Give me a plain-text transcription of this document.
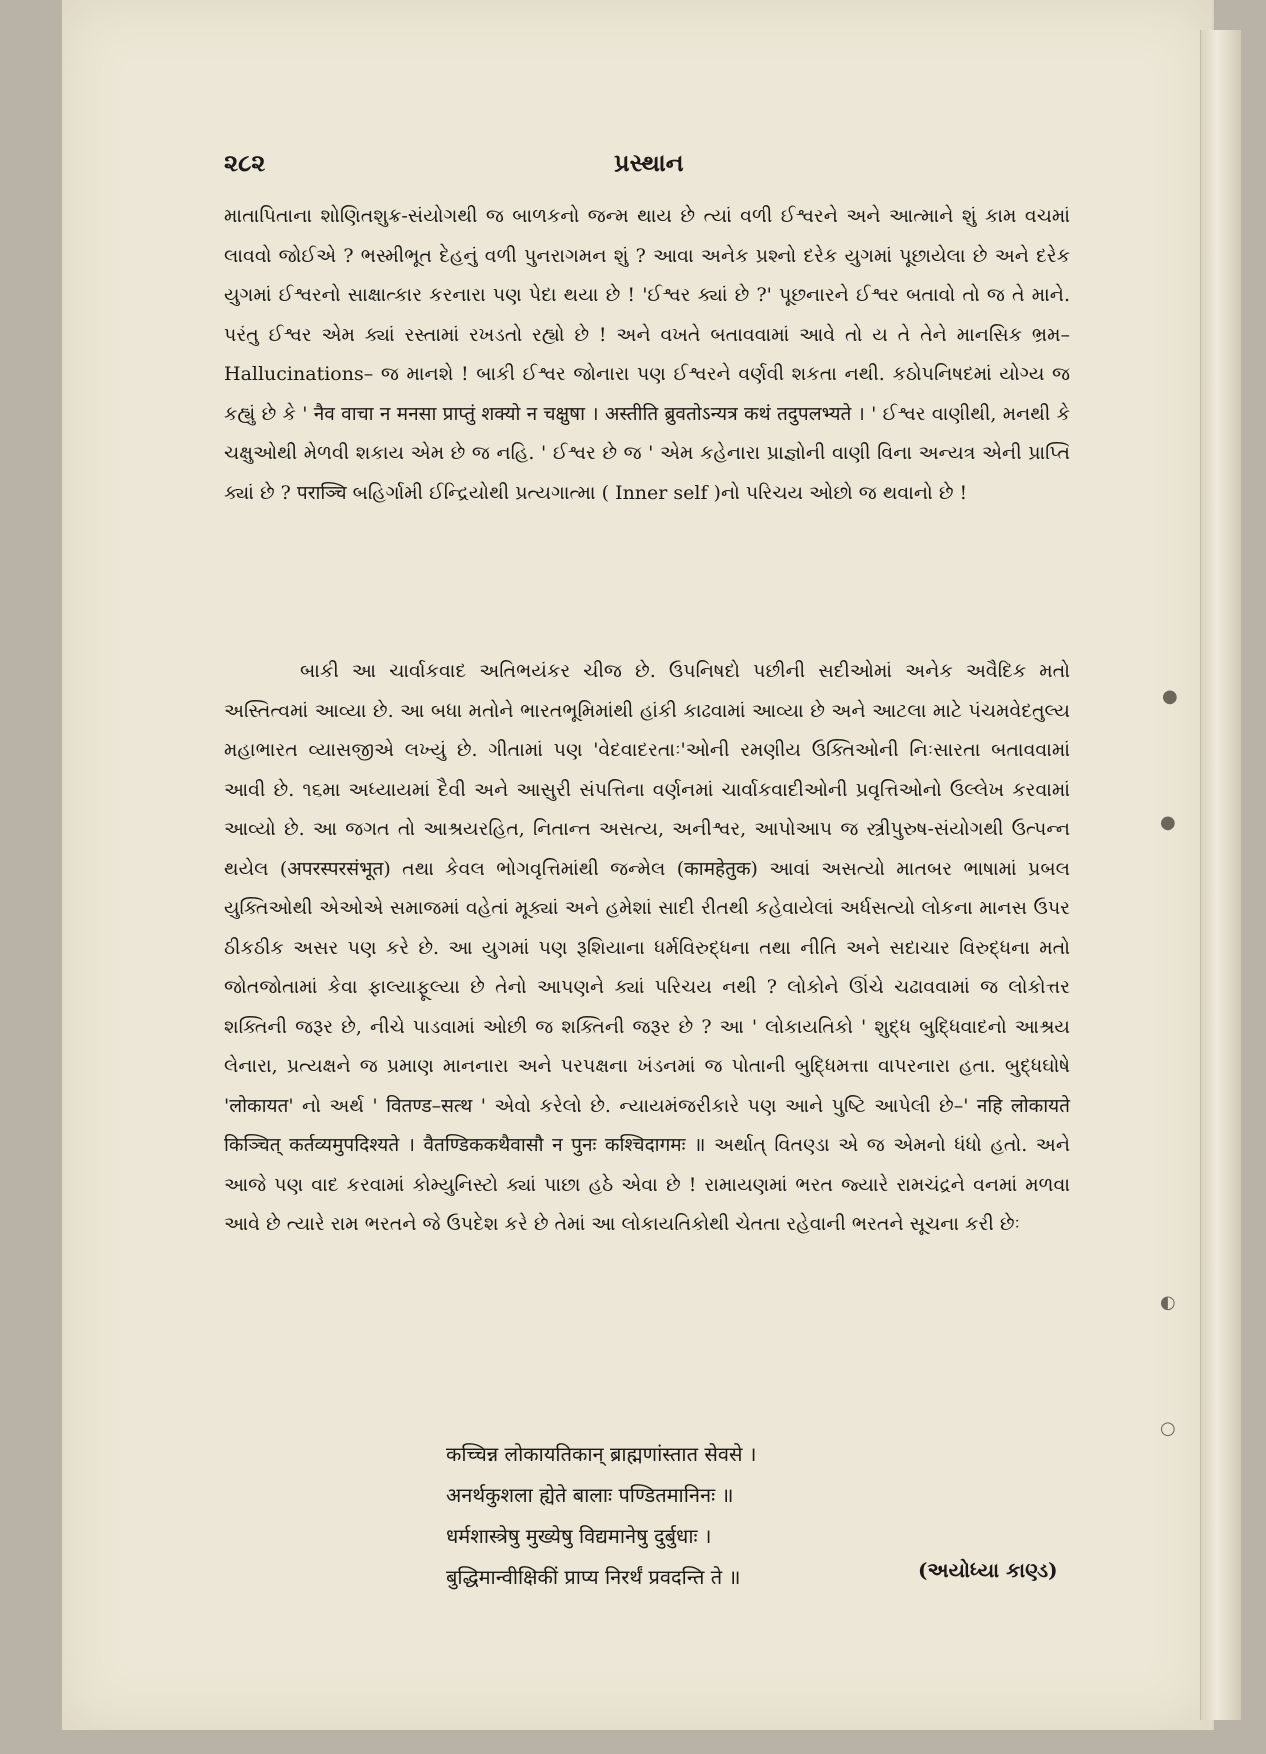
૨૮૨	પ્રસ્થાન

માતાપિતાના શોણિતશુક્ર-સંયોગથી જ બાળકનો જન્મ થાય છે ત્યાં વળી ઈશ્વરને અને આત્માને શું કામ વચમાં લાવવો જોઈએ ? ભસ્મીભૂત દેહનું વળી પુનરાગમન શું ? આવા અનેક પ્રશ્નો દરેક યુગમાં પૂછાયેલા છે અને દરેક યુગમાં ઈશ્વરનો સાક્ષાત્કાર કરનારા પણ પેદા થયા છે ! 'ઈશ્વર ક્યાં છે ?' પૂછનારને ઈશ્વર બતાવો તો જ તે માને. પરંતુ ઈશ્વર એમ ક્યાં રસ્તામાં રખડતો રહ્યો છે ! અને વખતે બતાવવામાં આવે તો ય તે તેને માનસિક ભ્રમ–Hallucinations– જ માનશે ! બાકી ઈશ્વર જોનારા પણ ઈશ્વરને વર્ણવી શકતા નથી. કઠોપનિષદમાં યોગ્ય જ કહ્યું છે કે ' नैव वाचा न मनसा प्राप्तुं शक्यो न चक्षुषा । अस्तीति ब्रुवतोऽन्यत्र कथं तदुपलभ्यते । ' ઈશ્વર વાણીથી, મનથી કે ચક્ષુઓથી મેળવી શકાય એમ છે જ નહિ. ' ઈશ્વર છે જ ' એમ કહેનારા પ્રાજ્ઞોની વાણી વિના અન્યત્ર એની પ્રાપ્તિ ક્યાં છે ? पराञ्चि બહિર્ગામી ઈન્દ્રિયોથી પ્રત્યગાત્મા ( Inner self )નો પરિચય ઓછો જ થવાનો છે !

બાકી આ ચાર્વાકવાદ અતિભયંકર ચીજ છે. ઉપનિષદો પછીની સદીઓમાં અનેક અવૈદિક મતો અસ્તિત્વમાં આવ્યા છે. આ બધા મતોને ભારતભૂમિમાંથી હાંકી કાઢવામાં આવ્યા છે અને આટલા માટે પંચમવેદતુલ્ય મહાભારત વ્યાસજીએ લખ્યું છે. ગીતામાં પણ 'વેદવાદરતાઃ'ઓની રમણીય ઉક્તિઓની નિઃસારતા બતાવવામાં આવી છે. ૧૬મા અધ્યાયમાં દૈવી અને આસુરી સંપત્તિના વર્ણનમાં ચાર્વાકવાદીઓની પ્રવૃત્તિઓનો ઉલ્લેખ કરવામાં આવ્યો છે. આ જગત તો આશ્રયરહિત, નિતાન્ત અસત્ય, અનીશ્વર, આપોઆપ જ સ્ત્રીપુરુષ-સંયોગથી ઉત્પન્ન થયેલ (अपरस्परसंभूत) તથા કેવલ ભોગવૃત્તિમાંથી જન્મેલ (कामहेतुक) આવાં અસત્યો માતબર ભાષામાં પ્રબલ યુક્તિઓથી એઓએ સમાજમાં વહેતાં મૂક્યાં અને હમેશાં સાદી રીતથી કહેવાયેલાં અર્ધસત્યો લોકના માનસ ઉપર ઠીકઠીક અસર પણ કરે છે. આ યુગમાં પણ રૂશિયાના ધર્મવિરુદ્ધના તથા નીતિ અને સદાચાર વિરુદ્ધના મતો જોતજોતામાં કેવા ફાલ્યાફૂલ્યા છે તેનો આપણને ક્યાં પરિચય નથી ? લોકોને ઊંચે ચઢાવવામાં જ લોકોત્તર શક્તિની જરૂર છે, નીચે પાડવામાં ઓછી જ શક્તિની જરૂર છે ? આ ' લોકાયતિકો ' શુદ્ધ બુદ્ધિવાદનો આશ્રય લેનારા, પ્રત્યક્ષને જ પ્રમાણ માનનારા અને પરપક્ષના ખંડનમાં જ પોતાની બુદ્ધિમત્તા વાપરનારા હતા. બુદ્ધઘોષે 'लोकायत' નો અર્થ ' वितण्ड–सत्थ ' એવો કરેલો છે. ન્યાયમંજરીકારે પણ આને પુષ્ટિ આપેલી છે–' नहि लोकायते किञ्चित् कर्तव्यमुपदिश्यते । वैतण्डिककथैवासौ न पुनः कश्चिदागमः ॥ અર્થાત્ વિતણ્ડા એ જ એમનો ધંધો હતો. અને આજે પણ વાદ કરવામાં કોમ્યુનિસ્ટો ક્યાં પાછા હઠે એવા છે ! રામાયણમાં ભરત જ્યારે રામચંદ્રને વનમાં મળવા આવે છે ત્યારે રામ ભરતને જે ઉપદેશ કરે છે તેમાં આ લોકાયતિકોથી ચેતતા રહેવાની ભરતને સૂચના કરી છેઃ

कच्चिन्न लोकायतिकान् ब्राह्मणांस्तात सेवसे ।
अनर्थकुशला ह्येते बालाः पण्डितमानिनः ॥
धर्मशास्त्रेषु मुख्येषु विद्यमानेषु दुर्बुधाः ।
बुद्धिमान्वीक्षिकीं प्राप्य निरर्थं प्रवदन्ति ते ॥	(અયોધ્યા કાણ્ડ)
●
●
◐
○
